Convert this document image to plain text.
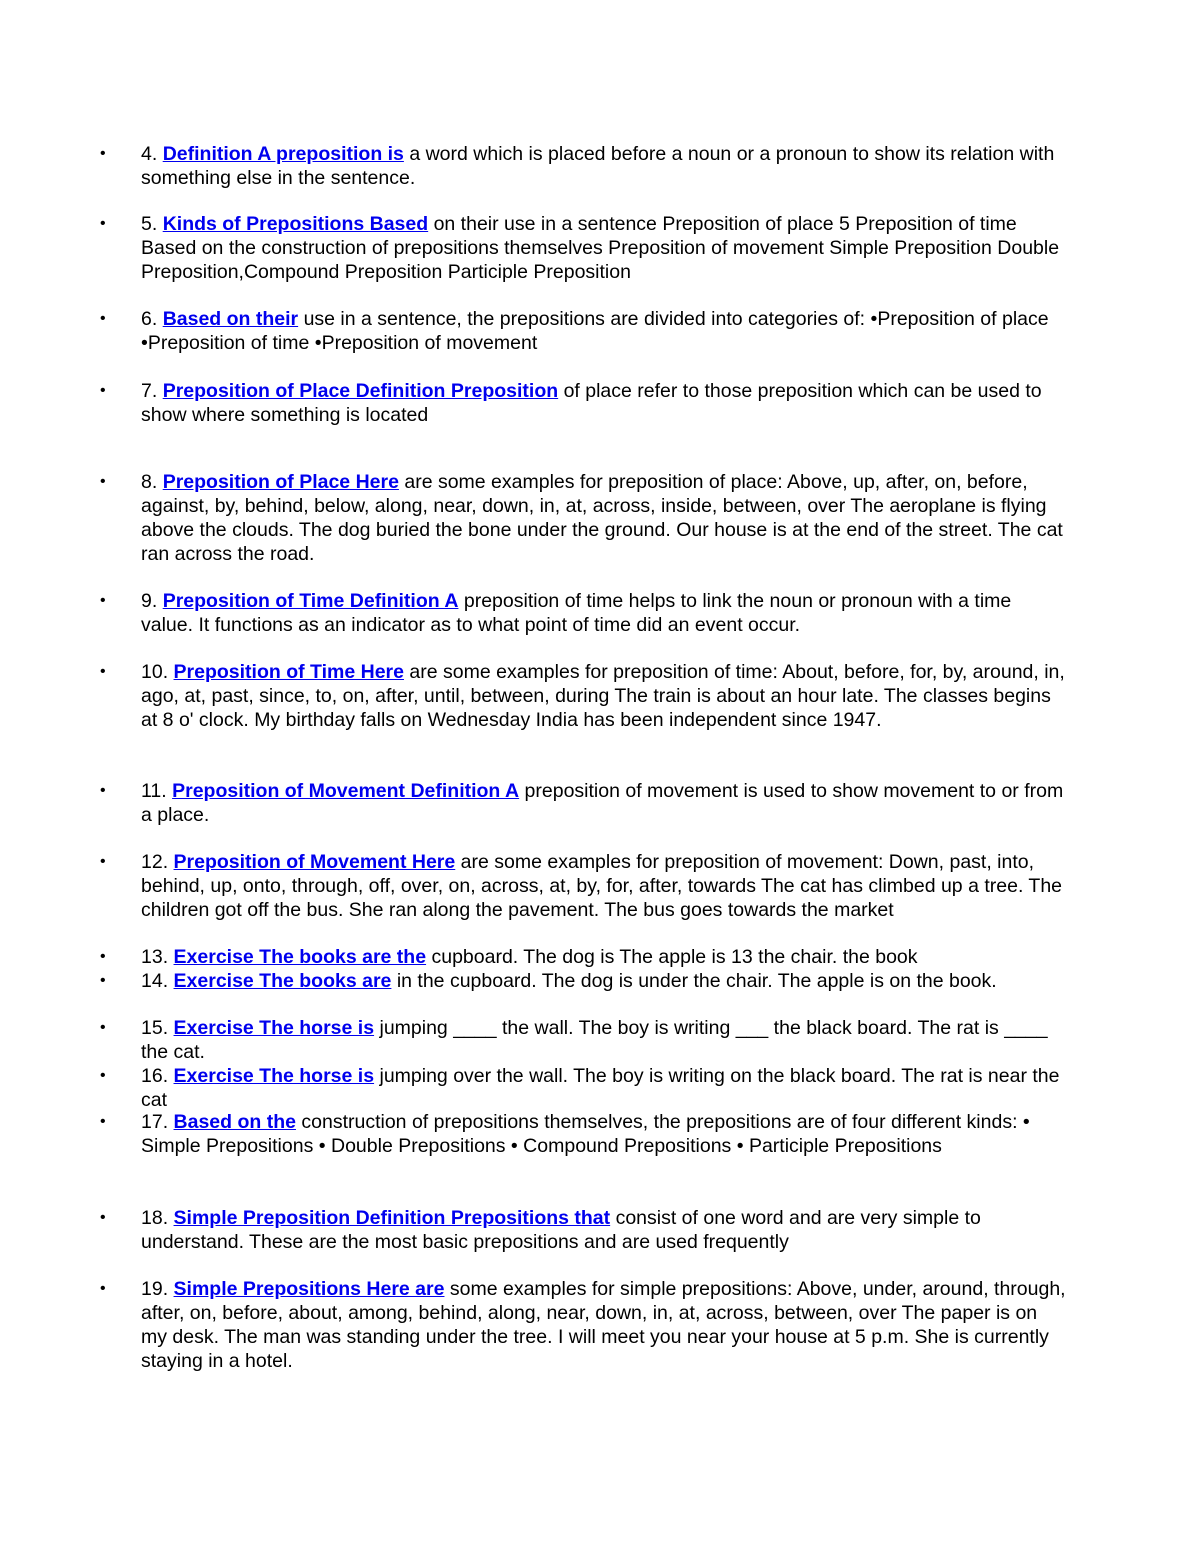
•	4. Definition A preposition is a word which is placed before a noun or a pronoun to show its relation with something else in the sentence.
•	5. Kinds of Prepositions Based on their use in a sentence Preposition of place 5 Preposition of time Based on the construction of prepositions themselves Preposition of movement Simple Preposition Double Preposition,Compound Preposition Participle Preposition
•	6. Based on their use in a sentence, the prepositions are divided into categories of: •Preposition of place •Preposition of time •Preposition of movement
•	7. Preposition of Place Definition Preposition of place refer to those preposition which can be used to show where something is located
•	8. Preposition of Place Here are some examples for preposition of place: Above, up, after, on, before, against, by, behind, below, along, near, down, in, at, across, inside, between, over The aeroplane is flying above the clouds. The dog buried the bone under the ground. Our house is at the end of the street. The cat ran across the road.
•	9. Preposition of Time Definition A preposition of time helps to link the noun or pronoun with a time value. It functions as an indicator as to what point of time did an event occur.
•	10. Preposition of Time Here are some examples for preposition of time: About, before, for, by, around, in, ago, at, past, since, to, on, after, until, between, during The train is about an hour late. The classes begins at 8 o' clock. My birthday falls on Wednesday India has been independent since 1947.
•	11. Preposition of Movement Definition A preposition of movement is used to show movement to or from a place.
•	12. Preposition of Movement Here are some examples for preposition of movement: Down, past, into, behind, up, onto, through, off, over, on, across, at, by, for, after, towards The cat has climbed up a tree. The children got off the bus. She ran along the pavement. The bus goes towards the market
•	13. Exercise The books are the cupboard. The dog is The apple is 13 the chair. the book
•	14. Exercise The books are in the cupboard. The dog is under the chair. The apple is on the book.
•	15. Exercise The horse is jumping ____ the wall. The boy is writing ___ the black board. The rat is ____ the cat.
•	16. Exercise The horse is jumping over the wall. The boy is writing on the black board. The rat is near the cat
•	17. Based on the construction of prepositions themselves, the prepositions are of four different kinds: • Simple Prepositions • Double Prepositions • Compound Prepositions • Participle Prepositions
•	18. Simple Preposition Definition Prepositions that consist of one word and are very simple to understand. These are the most basic prepositions and are used frequently
•	19. Simple Prepositions Here are some examples for simple prepositions: Above, under, around, through, after, on, before, about, among, behind, along, near, down, in, at, across, between, over The paper is on my desk. The man was standing under the tree. I will meet you near your house at 5 p.m. She is currently staying in a hotel.
